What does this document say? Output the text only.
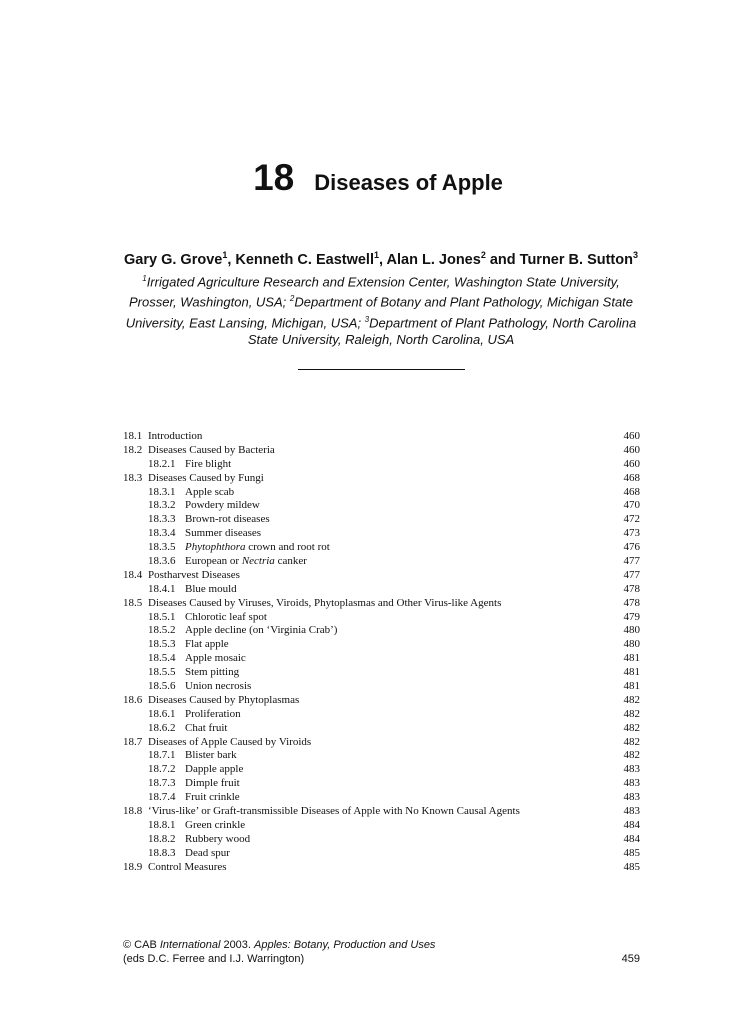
18 Diseases of Apple
Gary G. Grove$^1$, Kenneth C. Eastwell$^1$, Alan L. Jones$^2$ and Turner B. Sutton$^3$
$^1$Irrigated Agriculture Research and Extension Center, Washington State University, Prosser, Washington, USA; $^2$Department of Botany and Plant Pathology, Michigan State University, East Lansing, Michigan, USA; $^3$Department of Plant Pathology, North Carolina State University, Raleigh, North Carolina, USA
18.1 Introduction	460
18.2 Diseases Caused by Bacteria	460
18.2.1 Fire blight	460
18.3 Diseases Caused by Fungi	468
18.3.1 Apple scab	468
18.3.2 Powdery mildew	470
18.3.3 Brown-rot diseases	472
18.3.4 Summer diseases	473
18.3.5 Phytophthora crown and root rot	476
18.3.6 European or Nectria canker	477
18.4 Postharvest Diseases	477
18.4.1 Blue mould	478
18.5 Diseases Caused by Viruses, Viroids, Phytoplasmas and Other Virus-like Agents	478
18.5.1 Chlorotic leaf spot	479
18.5.2 Apple decline (on ‘Virginia Crab’)	480
18.5.3 Flat apple	480
18.5.4 Apple mosaic	481
18.5.5 Stem pitting	481
18.5.6 Union necrosis	481
18.6 Diseases Caused by Phytoplasmas	482
18.6.1 Proliferation	482
18.6.2 Chat fruit	482
18.7 Diseases of Apple Caused by Viroids	482
18.7.1 Blister bark	482
18.7.2 Dapple apple	483
18.7.3 Dimple fruit	483
18.7.4 Fruit crinkle	483
18.8 ‘Virus-like’ or Graft-transmissible Diseases of Apple with No Known Causal Agents	483
18.8.1 Green crinkle	484
18.8.2 Rubbery wood	484
18.8.3 Dead spur	485
18.9 Control Measures	485
© CAB International 2003. Apples: Botany, Production and Uses
(eds D.C. Ferree and I.J. Warrington)	459
